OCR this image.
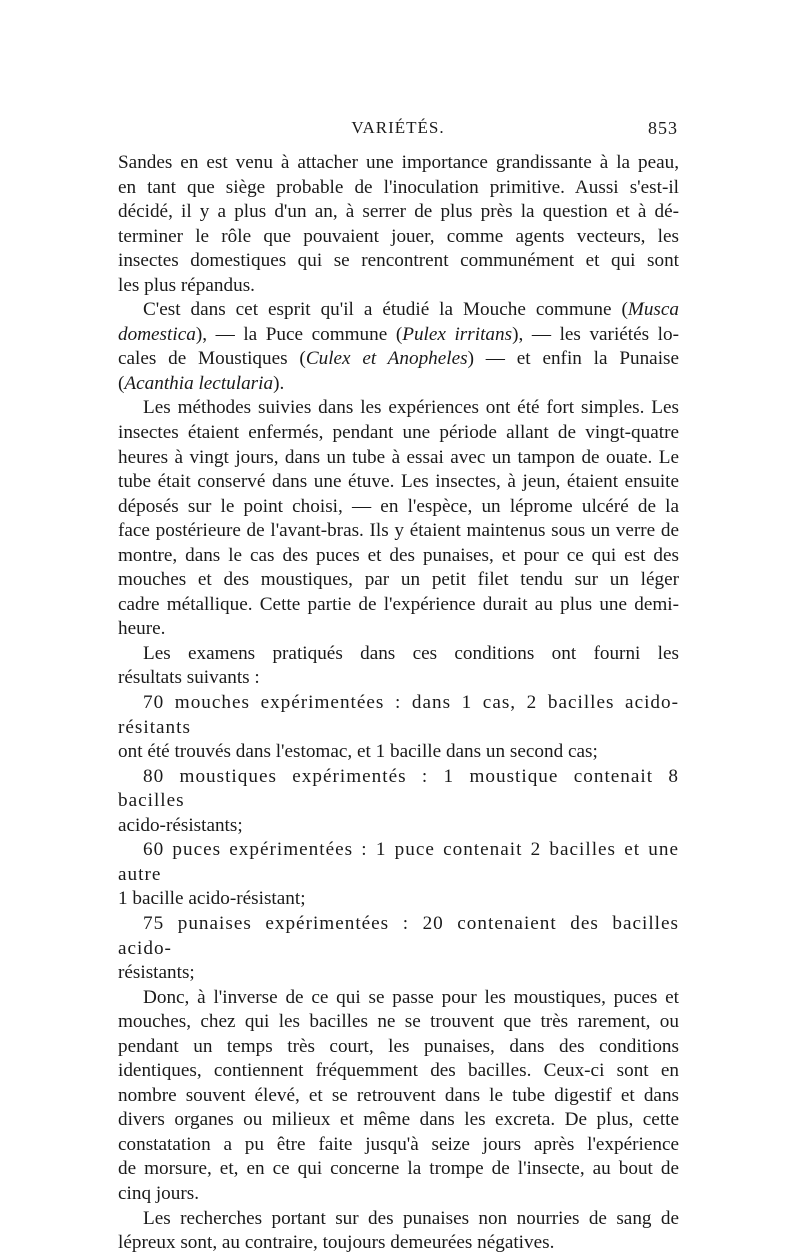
VARIÉTÉS.	853

Sandes en est venu à attacher une importance grandissante à la peau,

en tant que siège probable de l'inoculation primitive. Aussi s'est-il

décidé, il y a plus d'un an, à serrer de plus près la question et à dé-

terminer le rôle que pouvaient jouer, comme agents vecteurs, les

insectes domestiques qui se rencontrent communément et qui sont

les plus répandus.

C'est dans cet esprit qu'il a étudié la Mouche commune (Musca

domestica), — la Puce commune (Pulex irritans), — les variétés lo-

cales de Moustiques (Culex et Anopheles) — et enfin la Punaise

(Acanthia lectularia).

Les méthodes suivies dans les expériences ont été fort simples. Les

insectes étaient enfermés, pendant une période allant de vingt-quatre

heures à vingt jours, dans un tube à essai avec un tampon de ouate. Le

tube était conservé dans une étuve. Les insectes, à jeun, étaient ensuite

déposés sur le point choisi, — en l'espèce, un lépromе ulcéré de la

face postérieure de l'avant-bras. Ils y étaient maintenus sous un verre de

montre, dans le cas des puces et des punaises, et pour ce qui est des

mouches et des moustiques, par un petit filet tendu sur un léger

cadre métallique. Cette partie de l'expérience durait au plus une demi-

heure.

Les examens pratiqués dans ces conditions ont fourni les

résultats suivants :

70 mouches expérimentées : dans 1 cas, 2 bacilles acido-résitants

ont été trouvés dans l'estomac, et 1 bacille dans un second cas;

80 moustiques expérimentés : 1 moustique contenait 8 bacilles

acido-résistants;

60 puces expérimentées : 1 puce contenait 2 bacilles et une autre

1 bacille acido-résistant;

75 punaises expérimentées : 20 contenaient des bacilles acido-

résistants;

Donc, à l'inverse de ce qui se passe pour les moustiques, puces et

mouches, chez qui les bacilles ne se trouvent que très rarement, ou

pendant un temps très court, les punaises, dans des conditions

identiques, contiennent fréquemment des bacilles. Ceux-ci sont en

nombre souvent élevé, et se retrouvent dans le tube digestif et dans

divers organes ou milieux et même dans les excreta. De plus, cette

constatation a pu être faite jusqu'à seize jours après l'expérience

de morsure, et, en ce qui concerne la trompe de l'insecte, au bout de

cinq jours.

Les recherches portant sur des punaises non nourries de sang de

lépreux sont, au contraire, toujours demeurées négatives.
